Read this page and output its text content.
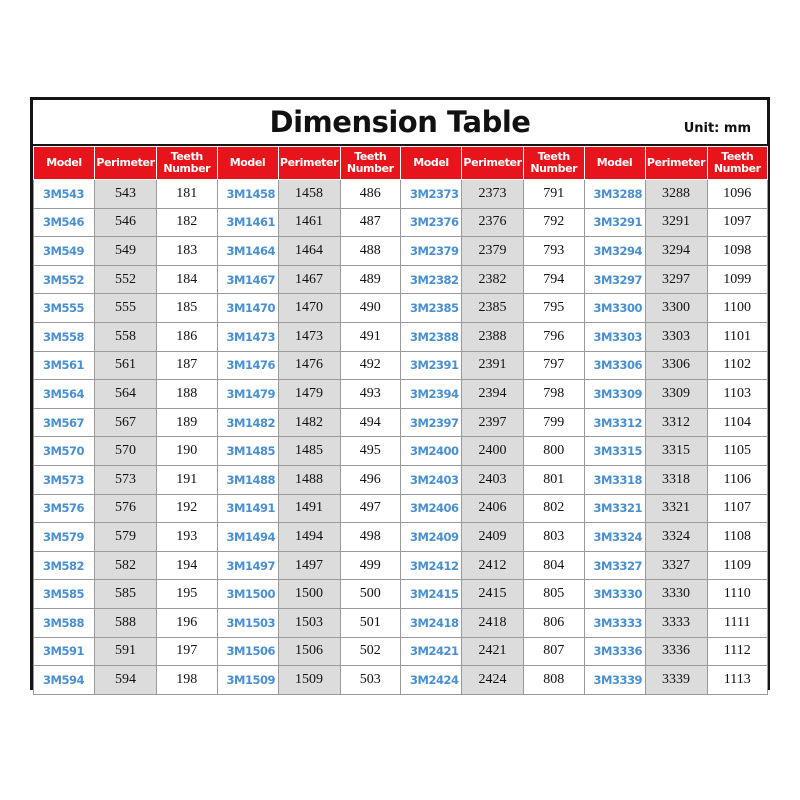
Dimension Table	Unit: mm
Model	Perimeter	Teeth Number	Model	Perimeter	Teeth Number	Model	Perimeter	Teeth Number	Model	Perimeter	Teeth Number
3M543	543	181	3M1458	1458	486	3M2373	2373	791	3M3288	3288	1096
3M546	546	182	3M1461	1461	487	3M2376	2376	792	3M3291	3291	1097
3M549	549	183	3M1464	1464	488	3M2379	2379	793	3M3294	3294	1098
3M552	552	184	3M1467	1467	489	3M2382	2382	794	3M3297	3297	1099
3M555	555	185	3M1470	1470	490	3M2385	2385	795	3M3300	3300	1100
3M558	558	186	3M1473	1473	491	3M2388	2388	796	3M3303	3303	1101
3M561	561	187	3M1476	1476	492	3M2391	2391	797	3M3306	3306	1102
3M564	564	188	3M1479	1479	493	3M2394	2394	798	3M3309	3309	1103
3M567	567	189	3M1482	1482	494	3M2397	2397	799	3M3312	3312	1104
3M570	570	190	3M1485	1485	495	3M2400	2400	800	3M3315	3315	1105
3M573	573	191	3M1488	1488	496	3M2403	2403	801	3M3318	3318	1106
3M576	576	192	3M1491	1491	497	3M2406	2406	802	3M3321	3321	1107
3M579	579	193	3M1494	1494	498	3M2409	2409	803	3M3324	3324	1108
3M582	582	194	3M1497	1497	499	3M2412	2412	804	3M3327	3327	1109
3M585	585	195	3M1500	1500	500	3M2415	2415	805	3M3330	3330	1110
3M588	588	196	3M1503	1503	501	3M2418	2418	806	3M3333	3333	1111
3M591	591	197	3M1506	1506	502	3M2421	2421	807	3M3336	3336	1112
3M594	594	198	3M1509	1509	503	3M2424	2424	808	3M3339	3339	1113
